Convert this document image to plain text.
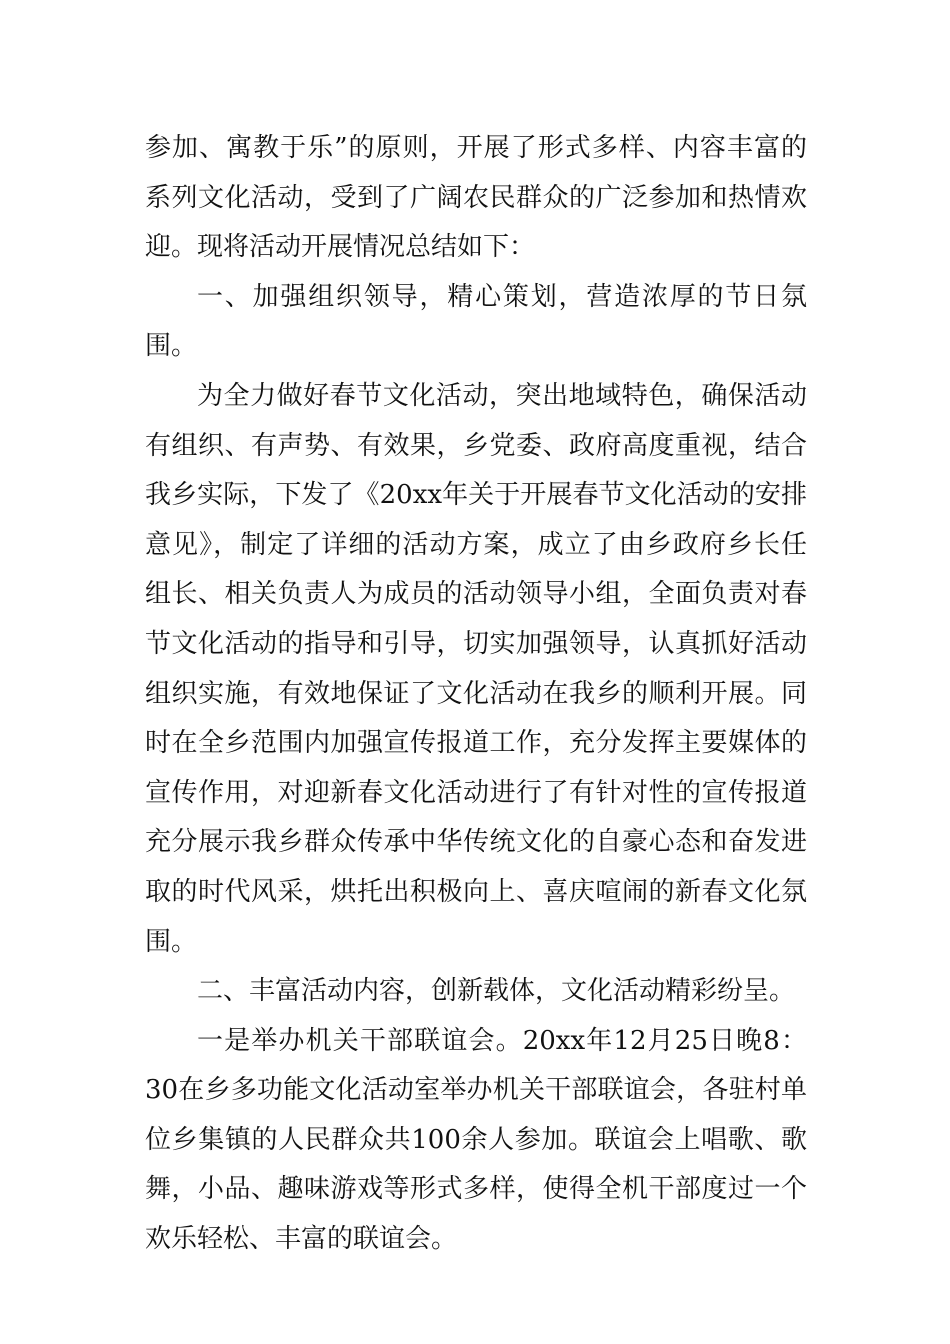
参加、寓教于乐”的原则，开展了形式多样、内容丰富的系列文化活动，受到了广阔农民群众的广泛参加和热情欢迎。现将活动开展情况总结如下：

一、加强组织领导，精心策划，营造浓厚的节日氛围。

为全力做好春节文化活动，突出地域特色，确保活动有组织、有声势、有效果，乡党委、政府高度重视，结合我乡实际，下发了《20xx年关于开展春节文化活动的安排意见》，制定了详细的活动方案，成立了由乡政府乡长任组长、相关负责人为成员的活动领导小组，全面负责对春节文化活动的指导和引导，切实加强领导，认真抓好活动组织实施，有效地保证了文化活动在我乡的顺利开展。同时在全乡范围内加强宣传报道工作，充分发挥主要媒体的宣传作用，对迎新春文化活动进行了有针对性的宣传报道充分展示我乡群众传承中华传统文化的自豪心态和奋发进取的时代风采，烘托出积极向上、喜庆喧闹的新春文化氛围。

二、丰富活动内容，创新载体，文化活动精彩纷呈。

一是举办机关干部联谊会。20xx年12月25日晚8：30在乡多功能文化活动室举办机关干部联谊会，各驻村单位乡集镇的人民群众共100余人参加。联谊会上唱歌、歌舞，小品、趣味游戏等形式多样，使得全机干部度过一个欢乐轻松、丰富的联谊会。
